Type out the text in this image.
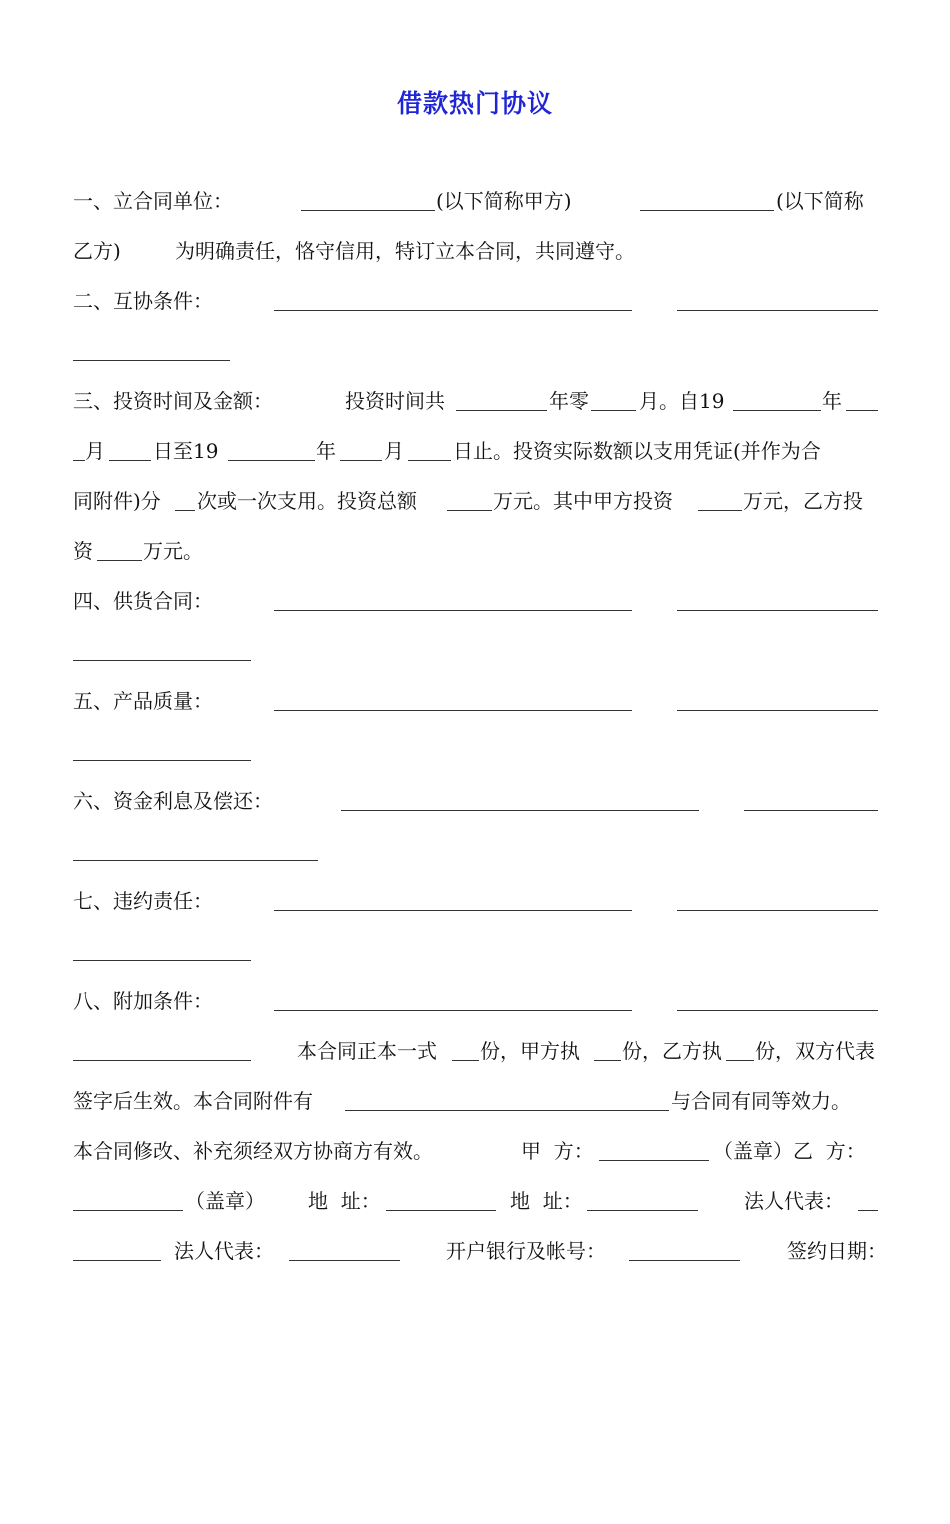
借款热门协议

一、立合同单位：

	(以下简称甲方)

	(以下简称

乙方)

	为明确责任，恪守信用，特订立本合同，共同遵守。

二、互协条件：

三、投资时间及金额：

	投资时间共

	年零

	月。自19

	年

月

日至19

	年

月

日止。投资实际数额以支用凭证(并作为合

同附件)分

次或一次支用。投资总额

	万元。其中甲方投资

	万元，乙方投

资

	万元。

四、供货合同：

五、产品质量：

六、资金利息及偿还：

七、违约责任：

八、附加条件：

本合同正本一式

份，甲方执

份，乙方执

份，双方代表

签字后生效。本合同附件有

	与合同有同等效力。

本合同修改、补充须经双方协商方有效。

	甲  方：

	（盖章）乙  方：

（盖章）

地  址：

	地  址：

	法人代表：

法人代表：

	开户银行及帐号：

	签约日期：
